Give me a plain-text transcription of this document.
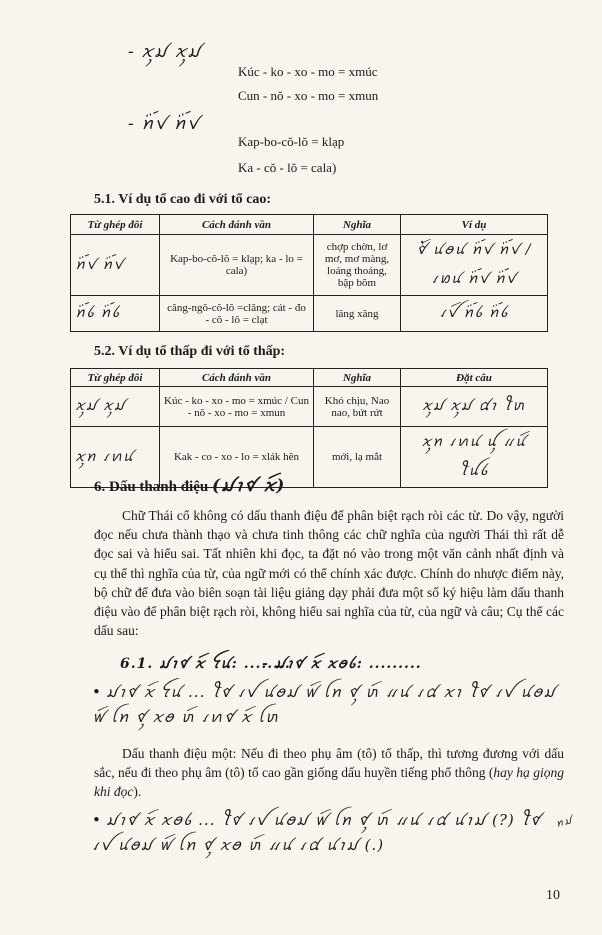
- ꪎꪴꪣ ꪎꪴꪣ
Kúc - ko - xo - mo = xmúc
Cun - nŏ - xo - mo = xmun
- ꪀꪾꪚ ꪀꪾꪚ
Kap-bo-cŏ-lŏ = klạp
Ka - cŏ - lŏ = cala)
5.1. Ví dụ tổ cao đi với tổ cao:
Từ ghép đôi	Cách đánh vần	Nghĩa	Ví dụ
ꪀꪾꪚ ꪀꪾꪚ	Kap-bo-cŏ-lŏ = klạp; ka - lo = cala)	chợp chờn, lơ mơ, mơ màng, loáng thoáng, bập bõm	ꪥꪳ ꪙꪮꪙ ꪀꪾꪚ ꪀꪾꪚ / ꪹꪭꪙ ꪀꪾꪚ ꪀꪾꪚ
ꪀꪾꪉ ꪀꪾꪉ	căng-ngŏ-cŏ-lŏ =clăng; cát - đo - cŏ - lŏ = clạt	lăng xăng	ꪹꪜꪷ ꪀꪾꪉ ꪀꪾꪉ
5.2. Ví dụ tổ thấp đi với tổ thấp:
Từ ghép đôi	Cách đánh vần	Nghĩa	Đặt câu
ꪎꪴꪣ ꪎꪴꪣ	Kúc - ko - xo - mo = xmúc / Cun - nŏ - xo - mo = xmun	Khó chịu, Nao nao, bứt rứt	ꪎꪴꪣ ꪎꪴꪣ ꪠꪱ ꪻꪬ
ꪎꪴꪀ ꪹꪕꪙ	Kak - co - xo - lo = xlák hên	mới, lạ mắt	ꪎꪴꪀ ꪹꪕꪙ ꪊꪴ ꪵꪙꪷ ꪻꪊꪉ
6. Dấu thanh điệu (ꪣꪱꪥ ꪎꪷ)
Chữ Thái cổ không có dấu thanh điệu để phân biệt rạch ròi các từ. Do vậy, người đọc nếu chưa thành thạo và chưa tinh thông các chữ nghĩa của người Thái thì rất dễ đọc sai và hiểu sai. Tất nhiên khi đọc, ta đặt nó vào trong một văn cảnh nhất định và cụ thể thì nghĩa của từ, của ngữ mới có thể chính xác được. Chính do nhược điểm này, bộ chữ để đưa vào biên soạn tài liệu giảng dạy phải đưa một số ký hiệu làm dấu thanh điệu vào để phân biệt rạch ròi, không hiểu sai nghĩa của từ, của ngữ và câu; Cụ thể các dấu sau:
6.1. ꪣꪱꪥ ꪎꪷ ꪼꪙ: ........
- ꪣꪱꪥ ꪎꪷ ꪎꪮꪉ: .........
• ꪣꪱꪥ ꪎꪷ ꪼꪙ ... ꪻꪥ ꪹꪜ ꪙꪮꪣ ꪝꪷ ꪶꪀ ꪥꪴ ꪬꪷ ꪵꪙ ꪹꪠ ꪎꪱ ꪻꪥ ꪹꪜ ꪙꪮꪣ ꪝꪷ ꪶꪀ ꪥꪴ ꪎꪮ ꪬꪷ ꪹꪕꪥ ꪎꪷ ꪶꪬ
Dấu thanh điệu một: Nếu đi theo phụ âm (tô) tổ thấp, thì tương đương với dấu sắc, nếu đi theo phụ âm (tô) tổ cao gần giống dấu huyền tiếng phổ thông (hay hạ giọng khi đọc).
• ꪣꪱꪥ ꪎꪷ ꪎꪮꪉ ... ꪻꪥ ꪹꪜ ꪙꪮꪣ ꪝꪷ ꪶꪀ ꪥꪴ ꪬꪷ ꪵꪙ ꪹꪠ ꪙꪱꪣ (?) ꪻꪥ ꪹꪜ ꪙꪮꪣ ꪝꪷ ꪶꪀ ꪥꪴ ꪎꪮ ꪬꪷ ꪵꪙ ꪹꪠ ꪙꪱꪣ (.)
ꪀꪣ
10
